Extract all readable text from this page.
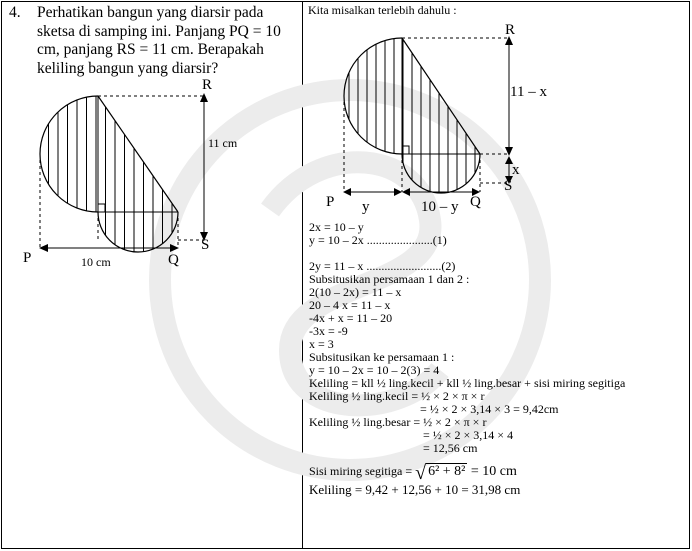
4. Perhatikan bangun yang diarsir pada sketsa di samping ini. Panjang PQ = 10 cm, panjang RS = 11 cm. Berapakah keliling bangun yang diarsir?
R
11 cm
S
P	10 cm	Q
Kita misalkan terlebih dahulu :
R
11 – x
x
S
P y	10 – y Q
2x = 10 – y
y = 10 – 2x ......................(1)
2y = 11 – x .........................(2)
Subsitusikan persamaan 1 dan 2 :
2(10 – 2x) = 11 – x
20 – 4 x = 11 – x
-4x + x = 11 – 20
-3x = -9
x = 3
Subsitusikan ke persamaan 1 :
y = 10 – 2x = 10 – 2(3) = 4
Keliling = kll ½ ling.kecil + kll ½ ling.besar + sisi miring segitiga
Keliling ½ ling.kecil = ½ × 2 × π × r
= ½ × 2 × 3,14 × 3 = 9,42cm
Keliling ½ ling.besar = ½ × 2 × π × r
= ½ × 2 × 3,14 × 4
= 12,56 cm
Sisi miring segitiga = √ 6² + 8² = 10 cm
Keliling = 9,42 + 12,56 + 10 = 31,98 cm
